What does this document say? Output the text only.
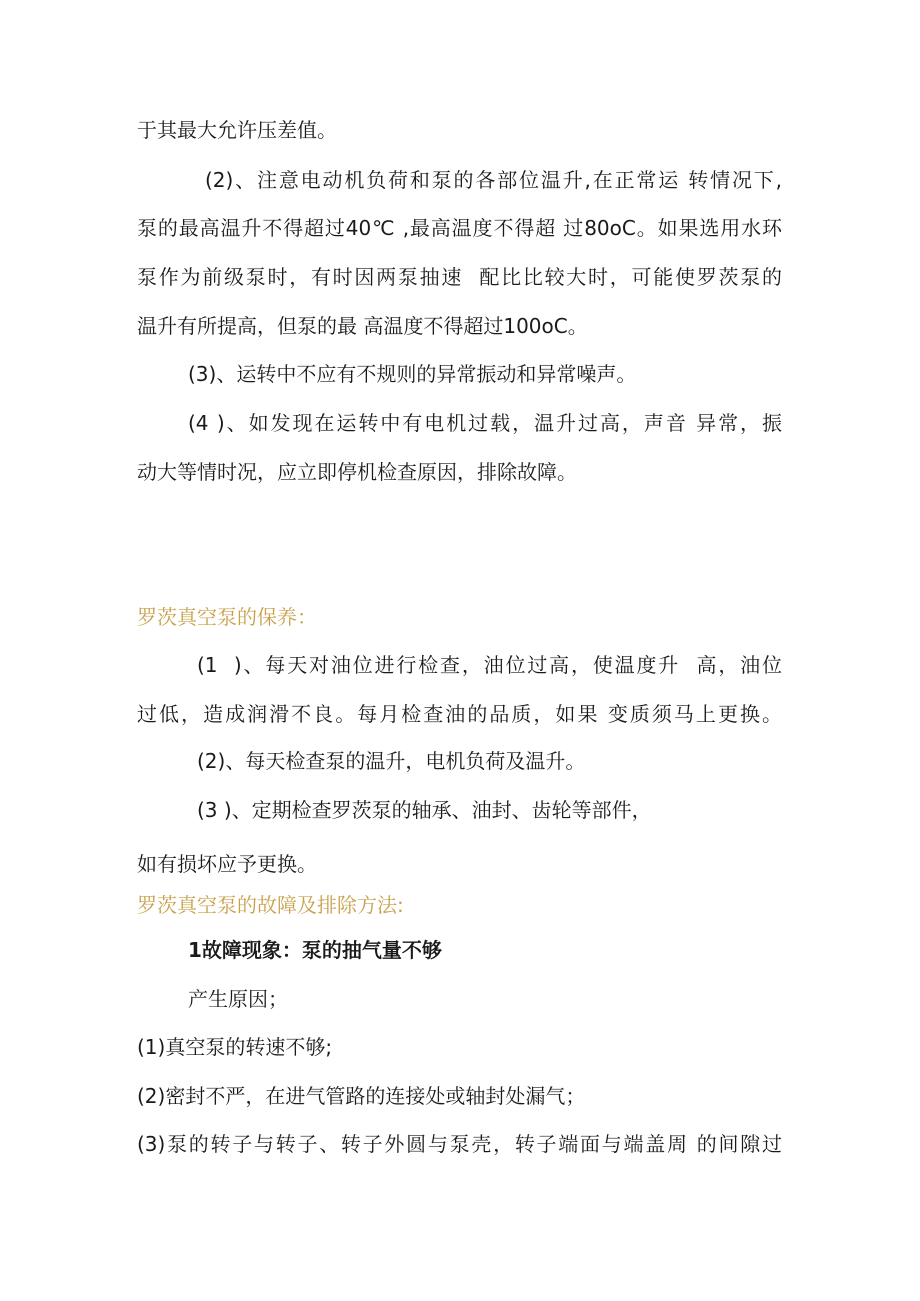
于其最大允许压差值。

(2)、注意电动机负荷和泵的各部位温升,在正常运 转情况下,

泵的最高温升不得超过40℃ ,最高温度不得超 过80oC。如果选用水环

泵作为前级泵时，有时因两泵抽速  配比比较大时，可能使罗茨泵的

温升有所提高，但泵的最 高温度不得超过100oC。

(3)、运转中不应有不规则的异常振动和异常噪声。

(4 )、如发现在运转中有电机过载，温升过高，声音 异常，振

动大等情时况，应立即停机检查原因，排除故障。

罗茨真空泵的保养：

(1  )、每天对油位进行检查，油位过高，使温度升  高，油位

过低，造成润滑不良。每月检查油的品质，如果 变质须马上更换。

(2)、每天检查泵的温升，电机负荷及温升。

(3 )、定期检查罗茨泵的轴承、油封、齿轮等部件，

如有损坏应予更换。

罗茨真空泵的故障及排除方法:

1故障现象：泵的抽气量不够

产生原因；

(1)真空泵的转速不够;

(2)密封不严，在进气管路的连接处或轴封处漏气；

(3)泵的转子与转子、转子外圆与泵壳，转子端面与端盖周 的间隙过
